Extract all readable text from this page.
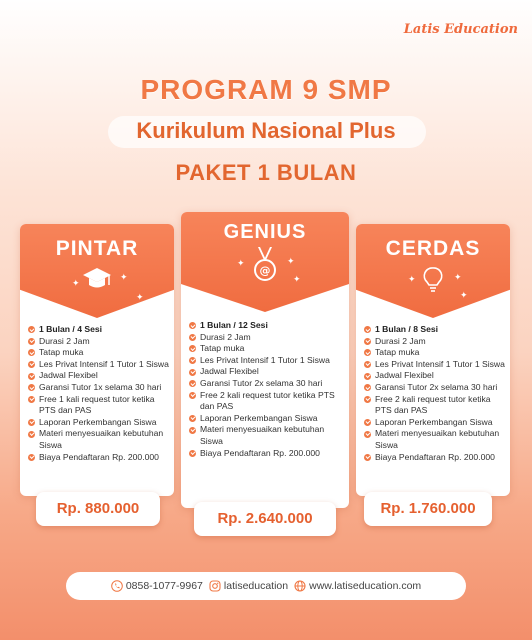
Latis Education
PROGRAM 9 SMP
Kurikulum Nasional Plus
PAKET 1 BULAN
PINTAR
✦
✦
✦
1 Bulan / 4 Sesi
Durasi 2 Jam
Tatap muka
Les Privat Intensif 1 Tutor 1 Siswa
Jadwal Flexibel
Garansi Tutor 1x selama 30 hari
Free 1 kali request tutor ketika PTS dan PAS
Laporan Perkembangan Siswa
Materi menyesuaikan kebutuhan Siswa
Biaya Pendaftaran Rp. 200.000
GENIUS
✦	✦
✦
@
1 Bulan / 12 Sesi
Durasi 2 Jam
Tatap muka
Les Privat Intensif 1 Tutor 1 Siswa
Jadwal Flexibel
Garansi Tutor 2x selama 30 hari
Free 2 kali request tutor ketika PTS dan PAS
Laporan Perkembangan Siswa
Materi menyesuaikan kebutuhan Siswa
Biaya Pendaftaran Rp. 200.000
CERDAS
✦	✦
✦
1 Bulan / 8 Sesi
Durasi 2 Jam
Tatap muka
Les Privat Intensif 1 Tutor 1 Siswa
Jadwal Flexibel
Garansi Tutor 2x selama 30 hari
Free 2 kali request tutor ketika PTS dan PAS
Laporan Perkembangan Siswa
Materi menyesuaikan kebutuhan Siswa
Biaya Pendaftaran Rp. 200.000
Rp. 880.000
Rp. 2.640.000
Rp. 1.760.000
0858-1077-9967 latiseducation www.latiseducation.com
